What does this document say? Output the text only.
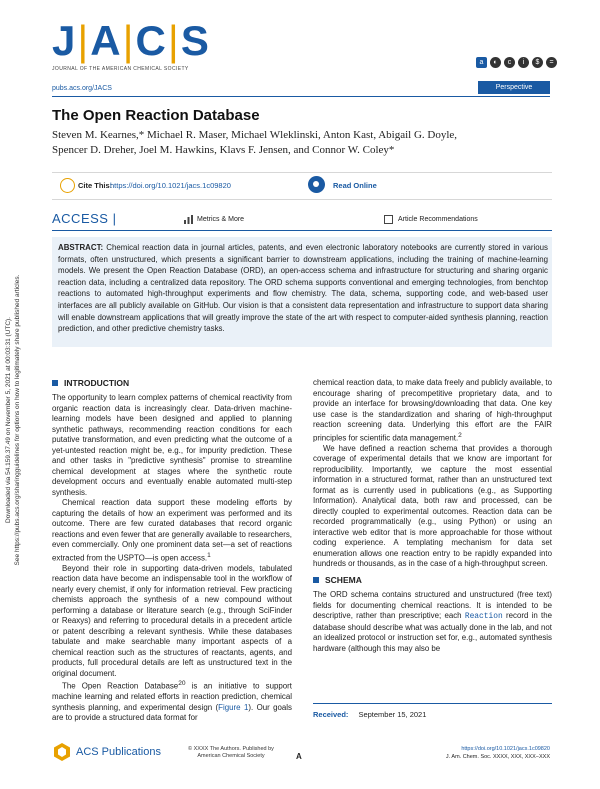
J|A|C|S
JOURNAL OF THE AMERICAN CHEMICAL SOCIETY
a	◐	c	i	$	=
pubs.acs.org/JACS	Perspective
The Open Reaction Database
Steven M. Kearnes,* Michael R. Maser, Michael Wleklinski, Anton Kast, Abigail G. Doyle,
Spencer D. Dreher, Joel M. Hawkins, Klavs F. Jensen, and Connor W. Coley*
Cite This:
https://doi.org/10.1021/jacs.1c09820	Read Online
ACCESS |	Metrics & More	Article Recommendations
ABSTRACT: Chemical reaction data in journal articles, patents, and even electronic laboratory notebooks are currently stored in various formats, often unstructured, which presents a significant barrier to downstream applications, including the training of machine-learning models. We present the Open Reaction Database (ORD), an open-access schema and infrastructure for structuring and sharing organic reaction data, including a centralized data repository. The ORD schema supports conventional and emerging technologies, from benchtop reactions to automated high-throughput experiments and flow chemistry. The data, schema, supporting code, and web-based user interfaces are all publicly available on GitHub. Our vision is that a consistent data representation and infrastructure to support data sharing will enable downstream applications that will greatly improve the state of the art with respect to computer-aided synthesis planning, reaction prediction, and other predictive chemistry tasks.
Downloaded via 54.159.37.49 on November 5, 2021 at 00:03:31 (UTC). See https://pubs.acs.org/sharingguidelines for options on how to legitimately share published articles.	INTRODUCTION

The opportunity to learn complex patterns of chemical reactivity from organic reaction data is increasingly clear. Data-driven machine-learning models have been designed and applied to planning synthetic pathways, recommending reaction conditions for each putative transformation, and even predicting what the outcome of a yet-untested reaction might be, e.g., for impurity prediction. These and other tasks in "predictive synthesis" promise to streamline chemical development at stages where the synthetic route development occurs and eventually enable automated multi-step synthesis.

Chemical reaction data support these modeling efforts by capturing the details of how an experiment was performed and its outcome. There are few curated databases that record organic reactions and even fewer that are generally available to researchers, even commercially. Only one prominent data set—a set of reactions extracted from the USPTO—is open access.$^1$

Beyond their role in supporting data-driven models, tabulated reaction data have become an indispensable tool in the workflow of nearly every chemist, if only for information retrieval. Few practicing chemists approach the synthesis of a new compound without performing a database or literature search (e.g., through SciFinder or Reaxys) and referring to procedural details in a precedent article or patent describing a relevant synthesis. While these databases tabulate and make searchable many important aspects of a chemical reaction such as the structures of reactants, agents, and products, full procedural details are left as unstructured text in the original document.

The Open Reaction Database$^{20}$ is an initiative to support machine learning and related efforts in reaction prediction, chemical synthesis planning, and experimental design (Figure 1). Our goals are to provide a structured data format for

chemical reaction data, to make data freely and publicly available, to encourage sharing of precompetitive proprietary data, and to provide an interface for browsing/downloading that data. One key use case is the standardization and sharing of high-throughput reaction screening data. Underlying this effort are the FAIR principles for scientific data management.$^2$

We have defined a reaction schema that provides a thorough coverage of experimental details that we know are important for reproducibility. Importantly, we capture the most essential information in a structured format, rather than an unstructured text format as is currently used in publications (e.g., as Supporting Information). Analytical data, both raw and processed, can be directly coupled to experimental outcomes. Reaction data can be recorded programmatically (e.g., using Python) or using an interactive web editor that is more approachable for those without coding experience. A templating mechanism for data set enumeration allows one reaction entry to be rapidly expanded into hundreds or thousands, as in the case of a high-throughput screen.

SCHEMA

The ORD schema contains structured and unstructured (free text) fields for documenting chemical reactions. It is intended to be descriptive, rather than prescriptive; each Reaction record in the database should describe what was actually done in the lab, and not an idealized protocol or instruction set for, e.g., automated synthesis hardware (although this may also be

Received: September 15, 2021
ACS Publications	© XXXX The Authors. Published by
American Chemical Society	A
https://doi.org/10.1021/jacs.1c09820
J. Am. Chem. Soc. XXXX, XXX, XXX−XXX
